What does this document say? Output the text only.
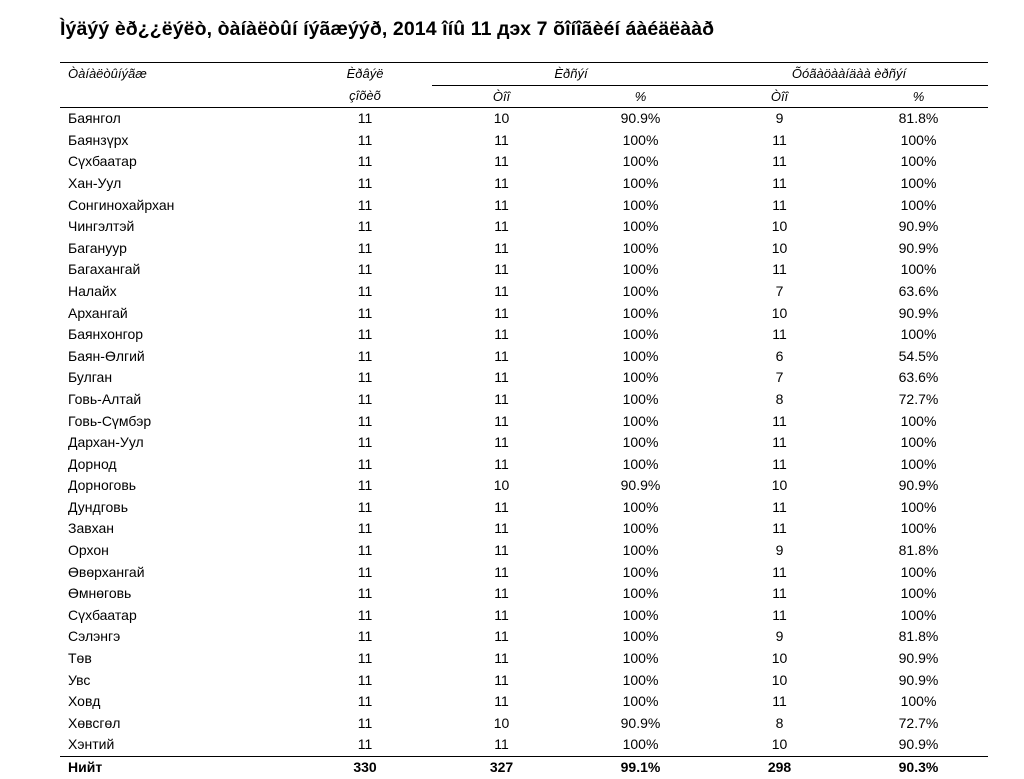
Ìýäýý èð¿¿ëýëò, òàíàëòûí íýãæýýð, 2014 îíû 11 дэх 7 õîíîãèéí áàéäëààð
Òàíàëòûíýãæ	Èðâýë	Èðñýí		Õóãàöààíäàà èðñýí	
	çîõèõ	Òîî	%	Òîî	%
Баянгол	11	10	90.9%	9	81.8%
Баянзүрх	11	11	100%	11	100%
Сүхбаатар	11	11	100%	11	100%
Хан-Уул	11	11	100%	11	100%
Сонгинохайрхан	11	11	100%	11	100%
Чингэлтэй	11	11	100%	10	90.9%
Багануур	11	11	100%	10	90.9%
Багахангай	11	11	100%	11	100%
Налайх	11	11	100%	7	63.6%
Архангай	11	11	100%	10	90.9%
Баянхонгор	11	11	100%	11	100%
Баян-Өлгий	11	11	100%	6	54.5%
Булган	11	11	100%	7	63.6%
Говь-Алтай	11	11	100%	8	72.7%
Говь-Сүмбэр	11	11	100%	11	100%
Дархан-Уул	11	11	100%	11	100%
Дорнод	11	11	100%	11	100%
Дорноговь	11	10	90.9%	10	90.9%
Дундговь	11	11	100%	11	100%
Завхан	11	11	100%	11	100%
Орхон	11	11	100%	9	81.8%
Өвөрхангай	11	11	100%	11	100%
Өмнөговь	11	11	100%	11	100%
Сүхбаатар	11	11	100%	11	100%
Сэлэнгэ	11	11	100%	9	81.8%
Төв	11	11	100%	10	90.9%
Увс	11	11	100%	10	90.9%
Ховд	11	11	100%	11	100%
Хөвсгөл	11	10	90.9%	8	72.7%
Хэнтий	11	11	100%	10	90.9%
Нийт	330	327	99.1%	298	90.3%
